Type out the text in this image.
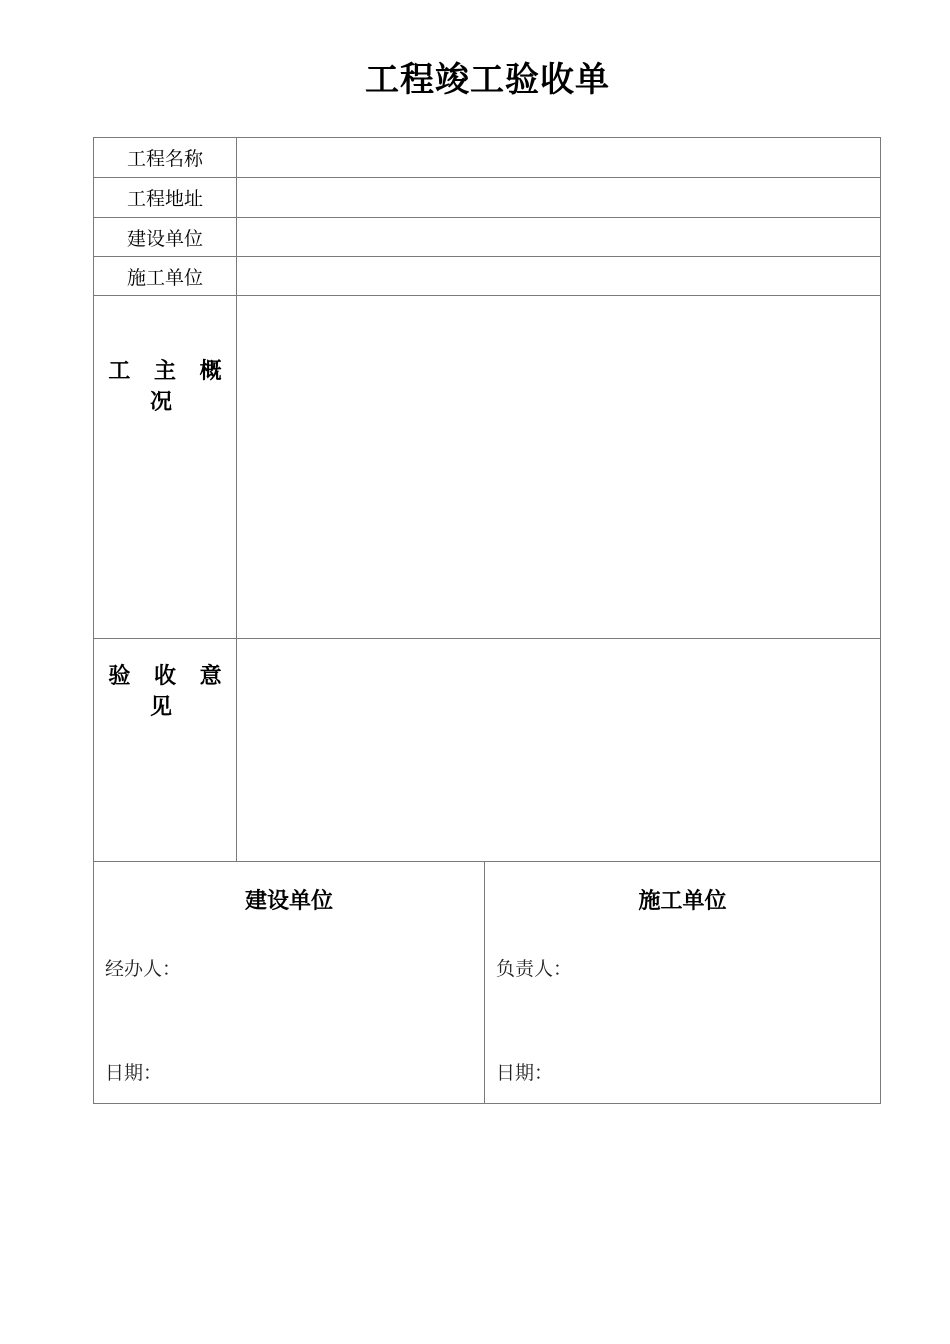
工程竣工验收单
工程名称
工程地址
建设单位
施工单位
工 主 概 况
验 收 意 见
建设单位
经办人：
日期：
施工单位
负责人：
日期：
